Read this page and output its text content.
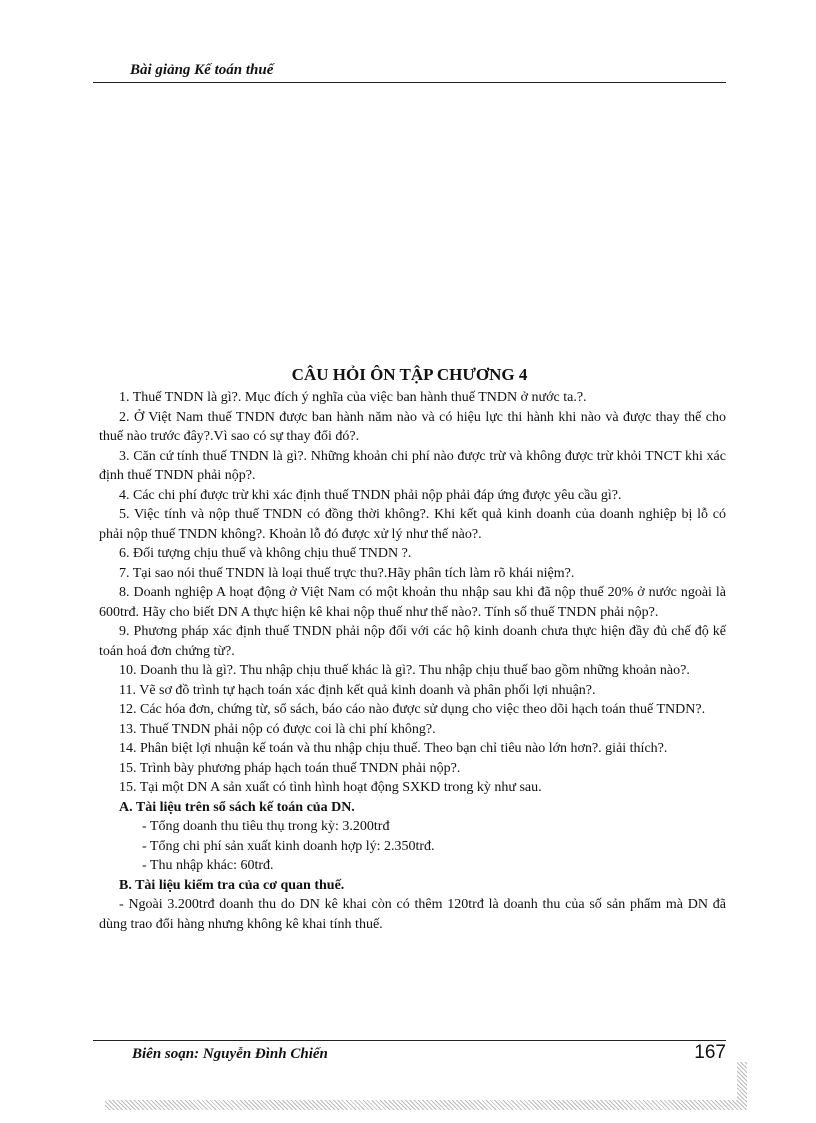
Bài giảng Kế toán thuế
CÂU HỎI ÔN TẬP CHƯƠNG 4

1. Thuế TNDN là gì?. Mục đích ý nghĩa của việc ban hành thuế TNDN ở nước ta.?.

2. Ở Việt Nam thuế TNDN được ban hành năm nào và có hiệu lực thi hành khi nào và được thay thế cho thuế nào trước đây?.Vì sao có sự thay đổi đó?.

3. Căn cứ tính thuế TNDN là gì?. Những khoản chi phí nào được trừ và không được trừ khỏi TNCT khi xác định thuế TNDN phải nộp?.

4. Các chi phí được trừ khi xác định thuế TNDN phải nộp phải đáp ứng được yêu cầu gì?.

5. Việc tính và nộp thuế TNDN có đồng thời không?. Khi kết quả kinh doanh của doanh nghiệp bị lỗ có phải nộp thuế TNDN không?. Khoản lỗ đó được xử lý như thế nào?.

6. Đối tượng chịu thuế và không chịu thuế TNDN ?.

7. Tại sao nói thuế TNDN là loại thuế trực thu?.Hãy phân tích làm rõ khái niệm?.

8. Doanh nghiệp A hoạt động ở Việt Nam có một khoản thu nhập sau khi đã nộp thuế 20% ở nước ngoài là 600trđ. Hãy cho biết DN A thực hiện kê khai nộp thuế như thế nào?. Tính số thuế TNDN phải nộp?.

9. Phương pháp xác định thuế TNDN phải nộp đối với các hộ kinh doanh chưa thực hiện đầy đủ chế độ kế toán hoá đơn chứng từ?.

10. Doanh thu là gì?. Thu nhập chịu thuế khác là gì?. Thu nhập chịu thuế bao gồm những khoản nào?.

11. Vẽ sơ đồ trình tự hạch toán xác định kết quả kinh doanh và phân phối lợi nhuận?.

12. Các hóa đơn, chứng từ, sổ sách, báo cáo nào được sử dụng cho việc theo dõi hạch toán thuế TNDN?.

13. Thuế TNDN phải nộp có được coi là chi phí không?.

14. Phân biệt lợi nhuận kế toán và thu nhập chịu thuế. Theo bạn chỉ tiêu nào lớn hơn?. giải thích?.

15. Trình bày phương pháp hạch toán thuế TNDN phải nộp?.

15. Tại một DN A sản xuất có tình hình hoạt động SXKD trong kỳ như sau.

A. Tài liệu trên sổ sách kế toán của DN.

- Tổng doanh thu tiêu thụ trong kỳ: 3.200trđ

- Tổng chi phí sản xuất kinh doanh hợp lý: 2.350trđ.

- Thu nhập khác: 60trđ.

B. Tài liệu kiểm tra của cơ quan thuế.

- Ngoài 3.200trđ doanh thu do DN kê khai còn có thêm 120trđ là doanh thu của số sản phẩm mà DN đã dùng trao đổi hàng nhưng không kê khai tính thuế.

Biên soạn: Nguyễn Đình Chiến	167
